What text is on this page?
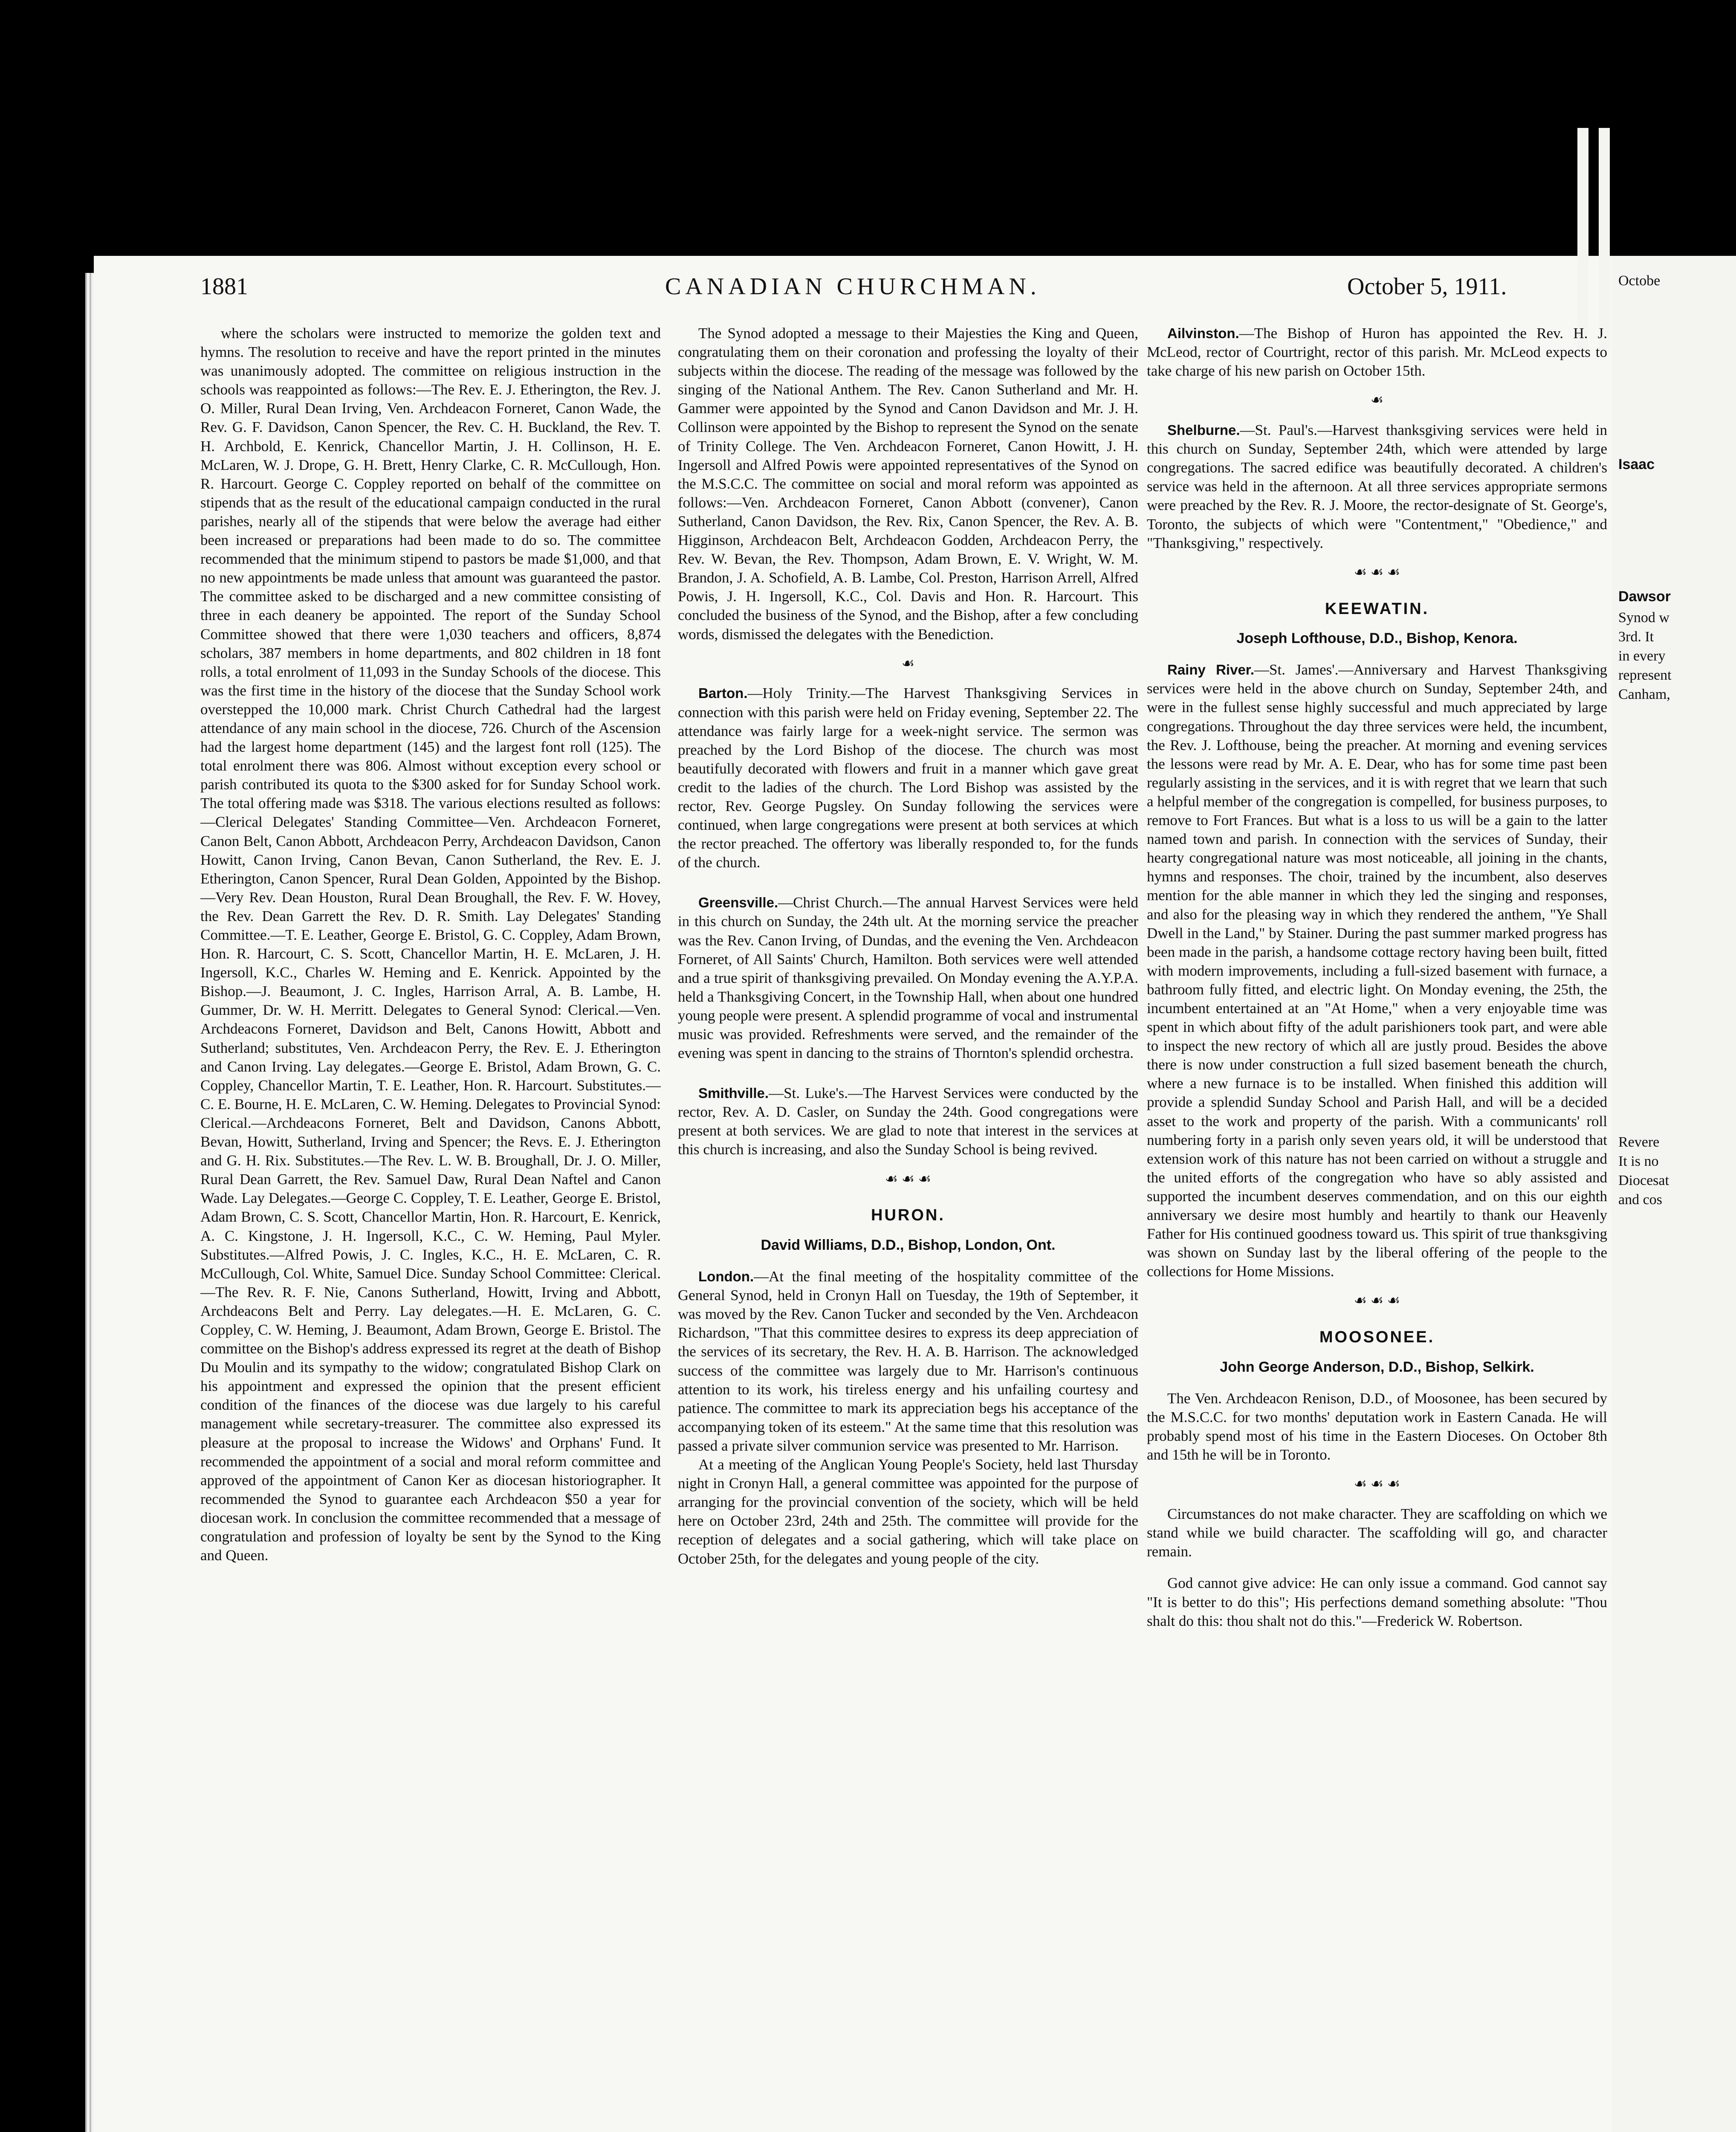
Octobe
Isaac
Dawsor
Synod w
3rd. It
in every
represent
Canham,
Revere
It is no
Diocesat
and cos
1881	CANADIAN CHURCHMAN.	October 5, 1911.

where the scholars were instructed to memorize the golden text and hymns. The resolution to receive and have the report printed in the minutes was unanimously adopted. The committee on religious instruction in the schools was reappointed as follows:—The Rev. E. J. Etherington, the Rev. J. O. Miller, Rural Dean Irving, Ven. Archdeacon Forneret, Canon Wade, the Rev. G. F. Davidson, Canon Spencer, the Rev. C. H. Buckland, the Rev. T. H. Archbold, E. Kenrick, Chancellor Martin, J. H. Collinson, H. E. McLaren, W. J. Drope, G. H. Brett, Henry Clarke, C. R. McCullough, Hon. R. Harcourt. George C. Coppley reported on behalf of the committee on stipends that as the result of the educational campaign conducted in the rural parishes, nearly all of the stipends that were below the average had either been increased or preparations had been made to do so. The committee recommended that the minimum stipend to pastors be made $1,000, and that no new appointments be made unless that amount was guaranteed the pastor. The committee asked to be discharged and a new committee consisting of three in each deanery be appointed. The report of the Sunday School Committee showed that there were 1,030 teachers and officers, 8,874 scholars, 387 members in home departments, and 802 children in 18 font rolls, a total enrolment of 11,093 in the Sunday Schools of the diocese. This was the first time in the history of the diocese that the Sunday School work overstepped the 10,000 mark. Christ Church Cathedral had the largest attendance of any main school in the diocese, 726. Church of the Ascension had the largest home department (145) and the largest font roll (125). The total enrolment there was 806. Almost without exception every school or parish contributed its quota to the $300 asked for for Sunday School work. The total offering made was $318. The various elections resulted as follows:—Clerical Delegates' Standing Committee—Ven. Archdeacon Forneret, Canon Belt, Canon Abbott, Archdeacon Perry, Archdeacon Davidson, Canon Howitt, Canon Irving, Canon Bevan, Canon Sutherland, the Rev. E. J. Etherington, Canon Spencer, Rural Dean Golden, Appointed by the Bishop.—Very Rev. Dean Houston, Rural Dean Broughall, the Rev. F. W. Hovey, the Rev. Dean Garrett the Rev. D. R. Smith. Lay Delegates' Standing Committee.—T. E. Leather, George E. Bristol, G. C. Coppley, Adam Brown, Hon. R. Harcourt, C. S. Scott, Chancellor Martin, H. E. McLaren, J. H. Ingersoll, K.C., Charles W. Heming and E. Kenrick. Appointed by the Bishop.—J. Beaumont, J. C. Ingles, Harrison Arral, A. B. Lambe, H. Gummer, Dr. W. H. Merritt. Delegates to General Synod: Clerical.—Ven. Archdeacons Forneret, Davidson and Belt, Canons Howitt, Abbott and Sutherland; substitutes, Ven. Archdeacon Perry, the Rev. E. J. Etherington and Canon Irving. Lay delegates.—George E. Bristol, Adam Brown, G. C. Coppley, Chancellor Martin, T. E. Leather, Hon. R. Harcourt. Substitutes.—C. E. Bourne, H. E. McLaren, C. W. Heming. Delegates to Provincial Synod: Clerical.—Archdeacons Forneret, Belt and Davidson, Canons Abbott, Bevan, Howitt, Sutherland, Irving and Spencer; the Revs. E. J. Etherington and G. H. Rix. Substitutes.—The Rev. L. W. B. Broughall, Dr. J. O. Miller, Rural Dean Garrett, the Rev. Samuel Daw, Rural Dean Naftel and Canon Wade. Lay Delegates.—George C. Coppley, T. E. Leather, George E. Bristol, Adam Brown, C. S. Scott, Chancellor Martin, Hon. R. Harcourt, E. Kenrick, A. C. Kingstone, J. H. Ingersoll, K.C., C. W. Heming, Paul Myler. Substitutes.—Alfred Powis, J. C. Ingles, K.C., H. E. McLaren, C. R. McCullough, Col. White, Samuel Dice. Sunday School Committee: Clerical.—The Rev. R. F. Nie, Canons Sutherland, Howitt, Irving and Abbott, Archdeacons Belt and Perry. Lay delegates.—H. E. McLaren, G. C. Coppley, C. W. Heming, J. Beaumont, Adam Brown, George E. Bristol. The committee on the Bishop's address expressed its regret at the death of Bishop Du Moulin and its sympathy to the widow; congratulated Bishop Clark on his appointment and expressed the opinion that the present efficient condition of the finances of the diocese was due largely to his careful management while secretary-treasurer. The committee also expressed its pleasure at the proposal to increase the Widows' and Orphans' Fund. It recommended the appointment of a social and moral reform committee and approved of the appointment of Canon Ker as diocesan historiographer. It recommended the Synod to guarantee each Archdeacon $50 a year for diocesan work. In conclusion the committee recommended that a message of congratulation and profession of loyalty be sent by the Synod to the King and Queen.

The Synod adopted a message to their Majesties the King and Queen, congratulating them on their coronation and professing the loyalty of their subjects within the diocese. The reading of the message was followed by the singing of the National Anthem. The Rev. Canon Sutherland and Mr. H. Gammer were appointed by the Synod and Canon Davidson and Mr. J. H. Collinson were appointed by the Bishop to represent the Synod on the senate of Trinity College. The Ven. Archdeacon Forneret, Canon Howitt, J. H. Ingersoll and Alfred Powis were appointed representatives of the Synod on the M.S.C.C. The committee on social and moral reform was appointed as follows:—Ven. Archdeacon Forneret, Canon Abbott (convener), Canon Sutherland, Canon Davidson, the Rev. Rix, Canon Spencer, the Rev. A. B. Higginson, Archdeacon Belt, Archdeacon Godden, Archdeacon Perry, the Rev. W. Bevan, the Rev. Thompson, Adam Brown, E. V. Wright, W. M. Brandon, J. A. Schofield, A. B. Lambe, Col. Preston, Harrison Arrell, Alfred Powis, J. H. Ingersoll, K.C., Col. Davis and Hon. R. Harcourt. This concluded the business of the Synod, and the Bishop, after a few concluding words, dismissed the delegates with the Benediction.

☙

Barton.—Holy Trinity.—The Harvest Thanksgiving Services in connection with this parish were held on Friday evening, September 22. The attendance was fairly large for a week-night service. The sermon was preached by the Lord Bishop of the diocese. The church was most beautifully decorated with flowers and fruit in a manner which gave great credit to the ladies of the church. The Lord Bishop was assisted by the rector, Rev. George Pugsley. On Sunday following the services were continued, when large congregations were present at both services at which the rector preached. The offertory was liberally responded to, for the funds of the church.

Greensville.—Christ Church.—The annual Harvest Services were held in this church on Sunday, the 24th ult. At the morning service the preacher was the Rev. Canon Irving, of Dundas, and the evening the Ven. Archdeacon Forneret, of All Saints' Church, Hamilton. Both services were well attended and a true spirit of thanksgiving prevailed. On Monday evening the A.Y.P.A. held a Thanksgiving Concert, in the Township Hall, when about one hundred young people were present. A splendid programme of vocal and instrumental music was provided. Refreshments were served, and the remainder of the evening was spent in dancing to the strains of Thornton's splendid orchestra.

Smithville.—St. Luke's.—The Harvest Services were conducted by the rector, Rev. A. D. Casler, on Sunday the 24th. Good congregations were present at both services. We are glad to note that interest in the services at this church is increasing, and also the Sunday School is being revived.

☙ ☙ ☙
HURON.
David Williams, D.D., Bishop, London, Ont.

London.—At the final meeting of the hospitality committee of the General Synod, held in Cronyn Hall on Tuesday, the 19th of September, it was moved by the Rev. Canon Tucker and seconded by the Ven. Archdeacon Richardson, "That this committee desires to express its deep appreciation of the services of its secretary, the Rev. H. A. B. Harrison. The acknowledged success of the committee was largely due to Mr. Harrison's continuous attention to its work, his tireless energy and his unfailing courtesy and patience. The committee to mark its appreciation begs his acceptance of the accompanying token of its esteem." At the same time that this resolution was passed a private silver communion service was presented to Mr. Harrison.

At a meeting of the Anglican Young People's Society, held last Thursday night in Cronyn Hall, a general committee was appointed for the purpose of arranging for the provincial convention of the society, which will be held here on October 23rd, 24th and 25th. The committee will provide for the reception of delegates and a social gathering, which will take place on October 25th, for the delegates and young people of the city.

Ailvinston.—The Bishop of Huron has appointed the Rev. H. J. McLeod, rector of Courtright, rector of this parish. Mr. McLeod expects to take charge of his new parish on October 15th.

☙

Shelburne.—St. Paul's.—Harvest thanksgiving services were held in this church on Sunday, September 24th, which were attended by large congregations. The sacred edifice was beautifully decorated. A children's service was held in the afternoon. At all three services appropriate sermons were preached by the Rev. R. J. Moore, the rector-designate of St. George's, Toronto, the subjects of which were "Contentment," "Obedience," and "Thanksgiving," respectively.

☙ ☙ ☙
KEEWATIN.
Joseph Lofthouse, D.D., Bishop, Kenora.

Rainy River.—St. James'.—Anniversary and Harvest Thanksgiving services were held in the above church on Sunday, September 24th, and were in the fullest sense highly successful and much appreciated by large congregations. Throughout the day three services were held, the incumbent, the Rev. J. Lofthouse, being the preacher. At morning and evening services the lessons were read by Mr. A. E. Dear, who has for some time past been regularly assisting in the services, and it is with regret that we learn that such a helpful member of the congregation is compelled, for business purposes, to remove to Fort Frances. But what is a loss to us will be a gain to the latter named town and parish. In connection with the services of Sunday, their hearty congregational nature was most noticeable, all joining in the chants, hymns and responses. The choir, trained by the incumbent, also deserves mention for the able manner in which they led the singing and responses, and also for the pleasing way in which they rendered the anthem, "Ye Shall Dwell in the Land," by Stainer. During the past summer marked progress has been made in the parish, a handsome cottage rectory having been built, fitted with modern improvements, including a full-sized basement with furnace, a bathroom fully fitted, and electric light. On Monday evening, the 25th, the incumbent entertained at an "At Home," when a very enjoyable time was spent in which about fifty of the adult parishioners took part, and were able to inspect the new rectory of which all are justly proud. Besides the above there is now under construction a full sized basement beneath the church, where a new furnace is to be installed. When finished this addition will provide a splendid Sunday School and Parish Hall, and will be a decided asset to the work and property of the parish. With a communicants' roll numbering forty in a parish only seven years old, it will be understood that extension work of this nature has not been carried on without a struggle and the united efforts of the congregation who have so ably assisted and supported the incumbent deserves commendation, and on this our eighth anniversary we desire most humbly and heartily to thank our Heavenly Father for His continued goodness toward us. This spirit of true thanksgiving was shown on Sunday last by the liberal offering of the people to the collections for Home Missions.

☙ ☙ ☙
MOOSONEE.
John George Anderson, D.D., Bishop, Selkirk.

The Ven. Archdeacon Renison, D.D., of Moosonee, has been secured by the M.S.C.C. for two months' deputation work in Eastern Canada. He will probably spend most of his time in the Eastern Dioceses. On October 8th and 15th he will be in Toronto.

☙ ☙ ☙

Circumstances do not make character. They are scaffolding on which we stand while we build character. The scaffolding will go, and character remain.

God cannot give advice: He can only issue a command. God cannot say "It is better to do this"; His perfections demand something absolute: "Thou shalt do this: thou shalt not do this."—Frederick W. Robertson.
